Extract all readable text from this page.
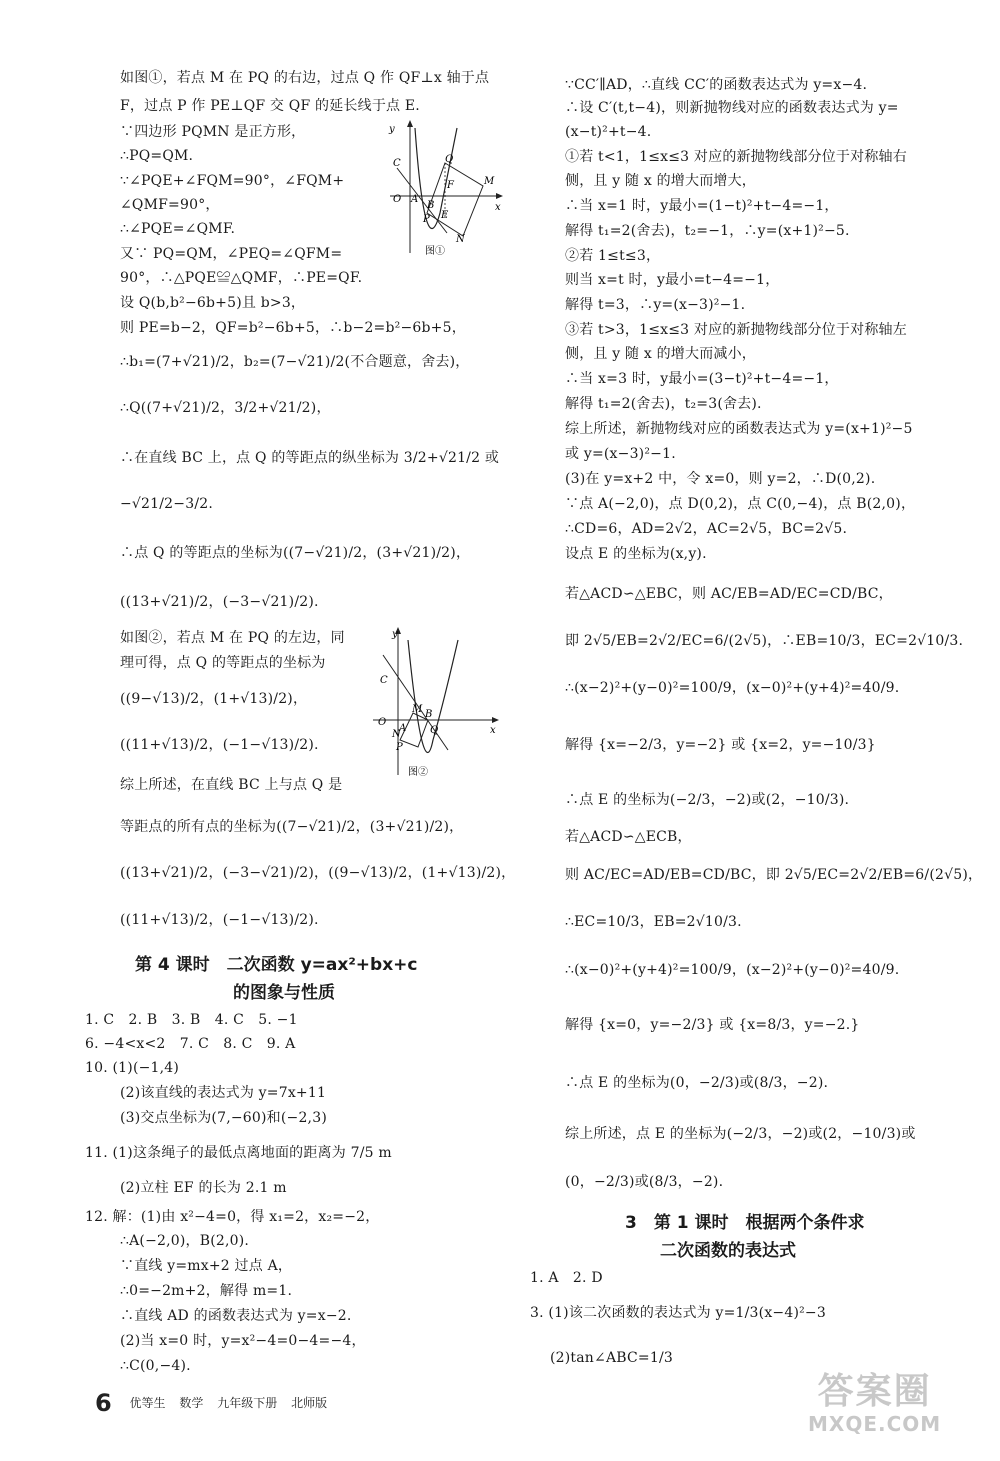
如图①，若点 M 在 PQ 的右边，过点 Q 作 QF⊥x 轴于点
F，过点 P 作 PE⊥QF 交 QF 的延长线于点 E.
∵四边形 PQMN 是正方形，
∴PQ=QM.
∵∠PQE+∠FQM=90°，∠FQM+
∠QMF=90°，
∴∠PQE=∠QMF.
又∵ PQ=QM，∠PEQ=∠QFM=
90°，∴△PQE≌△QMF，∴PE=QF.
设 Q(b,b²−6b+5)且 b>3，
则 PE=b−2，QF=b²−6b+5，∴b−2=b²−6b+5，
∴b₁=(7+√21)/2，b₂=(7−√21)/2(不合题意，舍去)，
∴Q((7+√21)/2，3/2+√21/2)，
∴在直线 BC 上，点 Q 的等距点的纵坐标为 3/2+√21/2 或
−√21/2−3/2.
∴点 Q 的等距点的坐标为((7−√21)/2，(3+√21)/2)，
((13+√21)/2，(−3−√21)/2).
如图②，若点 M 在 PQ 的左边，同
理可得，点 Q 的等距点的坐标为
((9−√13)/2，(1+√13)/2)，
((11+√13)/2，(−1−√13)/2).
综上所述，在直线 BC 上与点 Q 是
等距点的所有点的坐标为((7−√21)/2，(3+√21)/2)，
((13+√21)/2，(−3−√21)/2)，((9−√13)/2，(1+√13)/2)，
((11+√13)/2，(−1−√13)/2).
第 4 课时　二次函数 y=ax²+bx+c
的图象与性质
1. C　2. B　3. B　4. C　5. −1
6. −4<x<2　7. C　8. C　9. A
10. (1)(−1,4)
(2)该直线的表达式为 y=7x+11
(3)交点坐标为(7,−60)和(−2,3)
11. (1)这条绳子的最低点离地面的距离为 7/5 m
(2)立柱 EF 的长为 2.1 m
12. 解：(1)由 x²−4=0，得 x₁=2，x₂=−2，
∴A(−2,0)，B(2,0).
∵直线 y=mx+2 过点 A，
∴0=−2m+2，解得 m=1.
∴直线 AD 的函数表达式为 y=x−2.
(2)当 x=0 时，y=x²−4=0−4=−4，
∴C(0,−4).
y
x
O A
B
C
P
Q
F
E
M
N
图①
y
x
O
A
B
C
P
Q
M
N
图②
∵CC′∥AD，∴直线 CC′的函数表达式为 y=x−4.
∴设 C′(t,t−4)，则新抛物线对应的函数表达式为 y=
(x−t)²+t−4.
①若 t<1，1≤x≤3 对应的新抛物线部分位于对称轴右
侧，且 y 随 x 的增大而增大，
∴当 x=1 时，y最小=(1−t)²+t−4=−1，
解得 t₁=2(舍去)，t₂=−1，∴y=(x+1)²−5.
②若 1≤t≤3，
则当 x=t 时，y最小=t−4=−1，
解得 t=3，∴y=(x−3)²−1.
③若 t>3，1≤x≤3 对应的新抛物线部分位于对称轴左
侧，且 y 随 x 的增大而减小，
∴当 x=3 时，y最小=(3−t)²+t−4=−1，
解得 t₁=2(舍去)，t₂=3(舍去).
综上所述，新抛物线对应的函数表达式为 y=(x+1)²−5
或 y=(x−3)²−1.
(3)在 y=x+2 中，令 x=0，则 y=2，∴D(0,2).
∵点 A(−2,0)，点 D(0,2)，点 C(0,−4)，点 B(2,0)，
∴CD=6，AD=2√2，AC=2√5，BC=2√5.
设点 E 的坐标为(x,y).
若△ACD∽△EBC，则 AC/EB=AD/EC=CD/BC，
即 2√5/EB=2√2/EC=6/(2√5)，∴EB=10/3，EC=2√10/3.
∴(x−2)²+(y−0)²=100/9，(x−0)²+(y+4)²=40/9.
解得 {x=−2/3，y=−2} 或 {x=2，y=−10/3}
∴点 E 的坐标为(−2/3，−2)或(2，−10/3).
若△ACD∽△ECB，
则 AC/EC=AD/EB=CD/BC，即 2√5/EC=2√2/EB=6/(2√5)，
∴EC=10/3，EB=2√10/3.
∴(x−0)²+(y+4)²=100/9，(x−2)²+(y−0)²=40/9.
解得 {x=0，y=−2/3} 或 {x=8/3，y=−2.}
∴点 E 的坐标为(0，−2/3)或(8/3，−2).
综上所述，点 E 的坐标为(−2/3，−2)或(2，−10/3)或
(0，−2/3)或(8/3，−2).
3　第 1 课时　根据两个条件求
二次函数的表达式
1. A　2. D
3. (1)该二次函数的表达式为 y=1/3(x−4)²−3
(2)tan∠ABC=1/3
6 优等生 数学 九年级下册 北师版	答案圈
MXQE.COM
